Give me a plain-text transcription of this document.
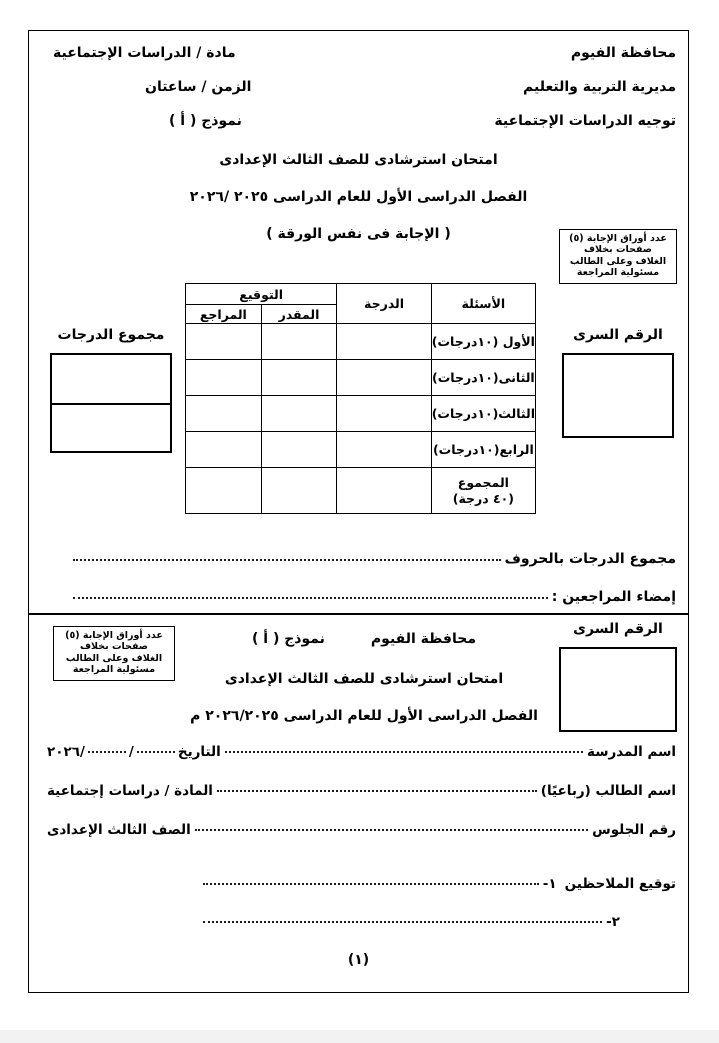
محافظة الفيوم
مادة / الدراسات الإجتماعية
مديرية التربية والتعليم
الزمن / ساعتان
توجيه الدراسات الإجتماعية
نموذج ( أ )
امتحان استرشادى للصف الثالث الإعدادى
الفصل الدراسى الأول للعام الدراسى ٢٠٢٥ /٢٠٢٦
( الإجابة فى نفس الورقة )	عدد أوراق الإجابة (٥)
صفحات بخلاف
الغلاف وعلى الطالب
مسئولية المراجعة
الرقم السرى
مجموع الدرجات
الأسئلة	الدرجة	التوقيع	
		المقدر	المراجع
الأول (١٠درجات)			
الثانى(١٠درجات)			
الثالث(١٠درجات)			
الرابع(١٠درجات)			

المجموع
(٤٠ درجة)			

مجموع الدرجات بالحروف
إمضاء المراجعين :
عدد أوراق الإجابة (٥)
صفحات بخلاف
الغلاف وعلى الطالب
مسئولية المراجعة
الرقم السرى
محافظة الفيوم
نموذج ( أ )
امتحان استرشادى للصف الثالث الإعدادى
الفصل الدراسى الأول للعام الدراسى ٢٠٢٦/٢٠٢٥ م
اسم المدرسة
التاريخ
/
/٢٠٢٦
اسم الطالب (رباعيًا)
المادة / دراسات إجتماعية
رقم الجلوس
الصف الثالث الإعدادى
توقيع الملاحظين
١-
٢-
(١)
